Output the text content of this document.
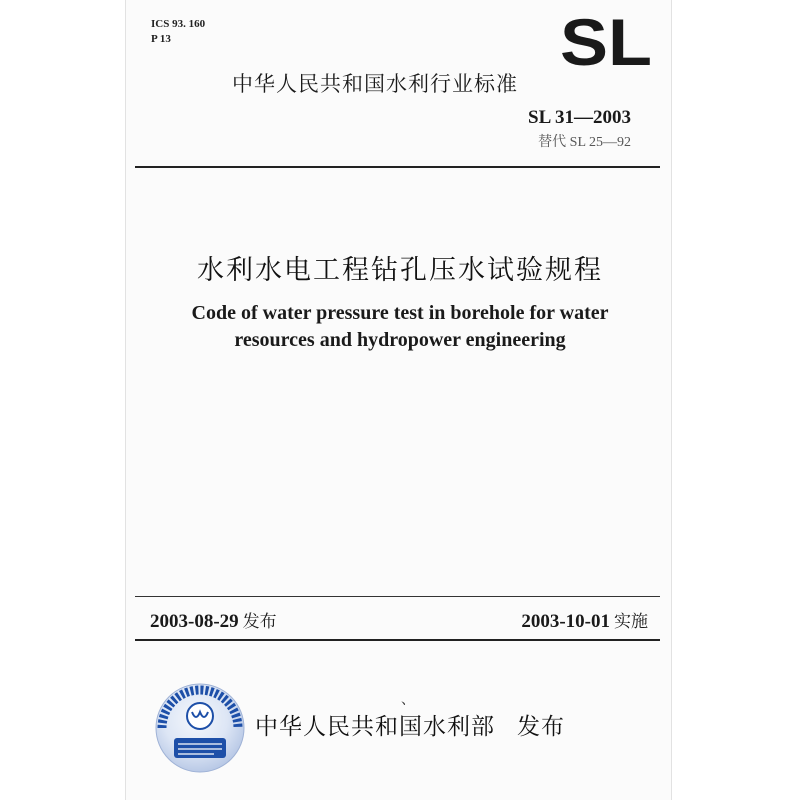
ICS 93. 160
P 13	SL
中华人民共和国水利行业标准
SL 31—2003
替代 SL 25—92
水利水电工程钻孔压水试验规程
Code of water pressure test in borehole for water
resources and hydropower engineering
2003-08-29 发布	2003-10-01 实施
、
中华人民共和国水利部 发布
